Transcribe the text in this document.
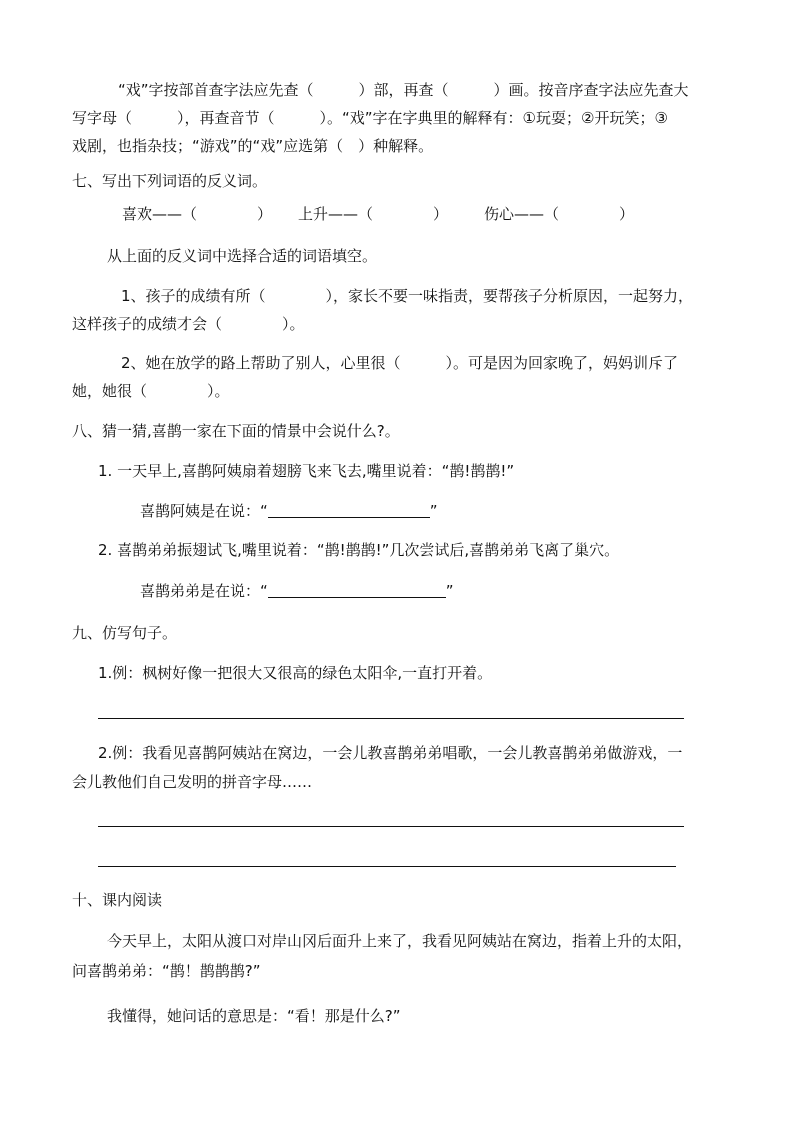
“戏”字按部首查字法应先查（　　　）部，再查（　　　）画。按音序查字法应先查大
写字母（　　　），再查音节（　　　）。“戏”字在字典里的解释有：①玩耍；②开玩笑；③
戏剧，也指杂技；“游戏”的“戏”应选第（　）种解释。
七、写出下列词语的反义词。
喜欢——（　　　　） 上升——（　　　　） 伤心——（　　　　）
从上面的反义词中选择合适的词语填空。
1、孩子的成绩有所（　　　　），家长不要一味指责，要帮孩子分析原因，一起努力，
这样孩子的成绩才会（　　　　）。
2、她在放学的路上帮助了别人，心里很（　　　）。可是因为回家晚了，妈妈训斥了
她，她很（　　　　）。
八、猜一猜,喜鹊一家在下面的情景中会说什么?。
1. 一天早上,喜鹊阿姨扇着翅膀飞来飞去,嘴里说着：“鹊!鹊鹊!”
喜鹊阿姨是在说：“	”
2. 喜鹊弟弟振翅试飞,嘴里说着：“鹊!鹊鹊!”几次尝试后,喜鹊弟弟飞离了巢穴。
喜鹊弟弟是在说：“	”
九、仿写句子。
1.例：枫树好像一把很大又很高的绿色太阳伞,一直打开着。
2.例：我看见喜鹊阿姨站在窝边，一会儿教喜鹊弟弟唱歌，一会儿教喜鹊弟弟做游戏，一
会儿教他们自己发明的拼音字母……
十、课内阅读
今天早上，太阳从渡口对岸山冈后面升上来了，我看见阿姨站在窝边，指着上升的太阳，
问喜鹊弟弟：“鹊！鹊鹊鹊?”
我懂得，她问话的意思是：“看！那是什么?”
